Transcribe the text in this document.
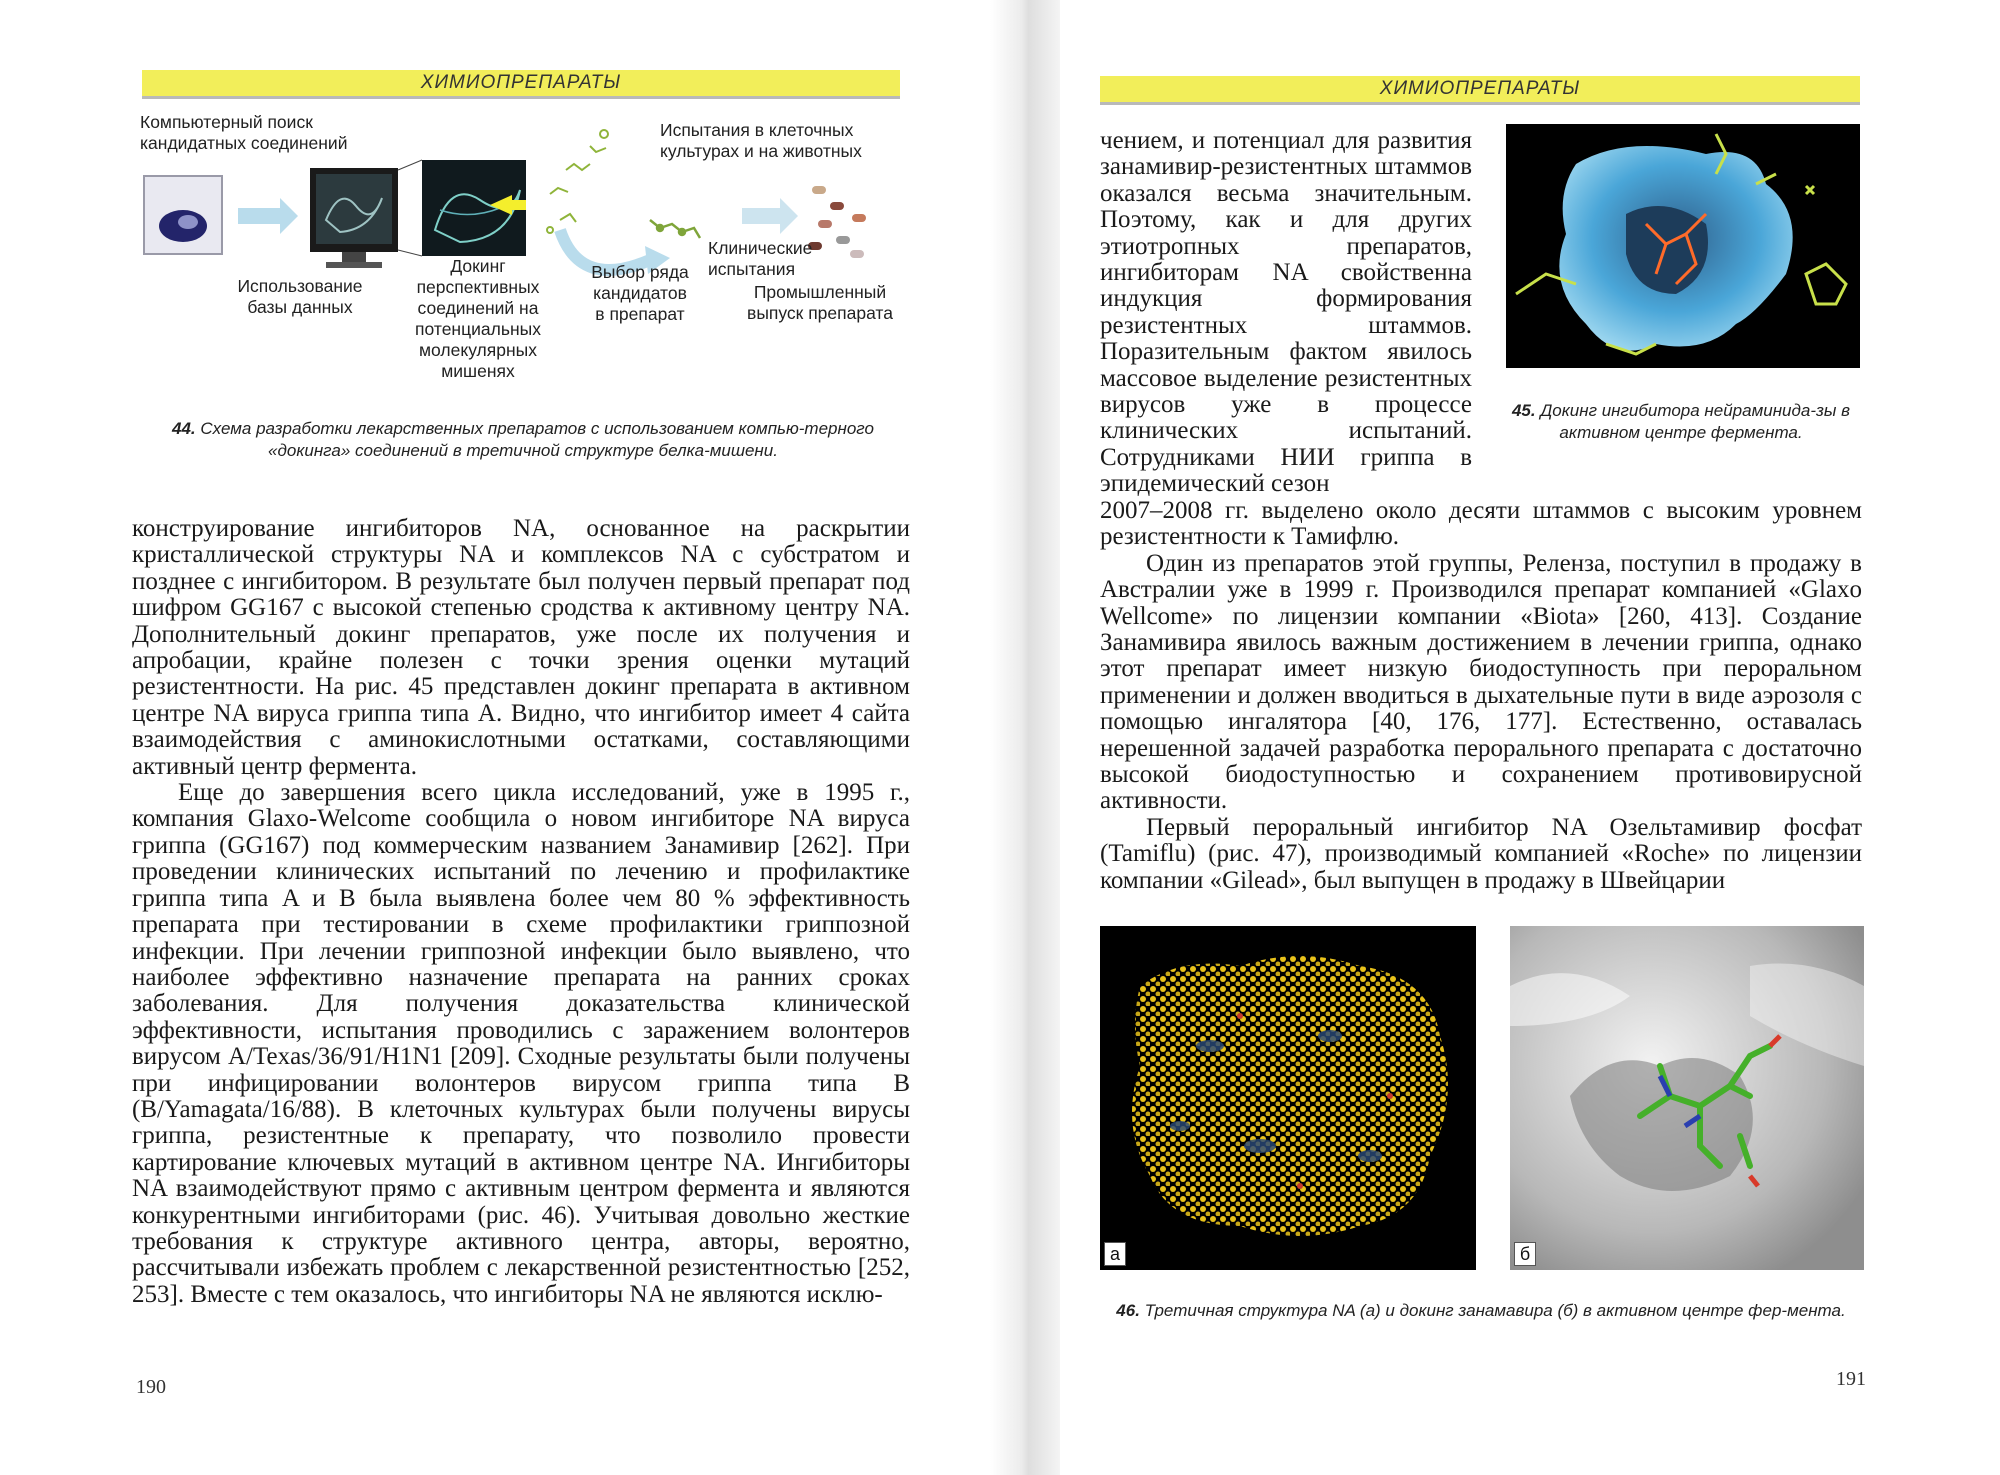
ХИМИОПРЕПАРАТЫ
Компьютерный поиск
кандидатных соединений
Испытания в клеточных
культурах и на животных
Использование
базы данных
Докинг
перспективных
соединений на
потенциальных
молекулярных
мишенях
Выбор ряда
кандидатов
в препарат
Клинические
испытания
Промышленный
выпуск препарата
44. Схема разработки лекарственных препаратов с использованием компью-терного «докинга» соединений в третичной структуре белка-мишени.

конструирование ингибиторов NA, основанное на раскрытии кристаллической структуры NA и комплексов NA с субстратом и позднее с ингибитором. В результате был получен первый препарат под шифром GG167 с высокой степенью сродства к активному центру NA. Дополнительный докинг препаратов, уже после их получения и апробации, крайне полезен с точки зрения оценки мутаций резистентности. На рис. 45 представлен докинг препарата в активном центре NA вируса гриппа типа A. Видно, что ингибитор имеет 4 сайта взаимодействия с аминокислотными остатками, составляющими активный центр фермента.

Еще до завершения всего цикла исследований, уже в 1995 г., компания Glaxo-Welcome сообщила о новом ингибиторе NA вируса гриппа (GG167) под коммерческим названием Занамивир [262]. При проведении клинических испытаний по лечению и профилактике гриппа типа A и B была выявлена более чем 80 % эффективность препарата при тестировании в схеме профилактики гриппозной инфекции. При лечении гриппозной инфекции было выявлено, что наиболее эффективно назначение препарата на ранних сроках заболевания. Для получения доказательства клинической эффективности, испытания проводились с заражением волонтеров вирусом A/Texas/36/91/H1N1 [209]. Сходные результаты были получены при инфицировании волонтеров вирусом гриппа типа B (B/Yamagata/16/88). В клеточных культурах были получены вирусы гриппа, резистентные к препарату, что позволило провести картирование ключевых мутаций в активном центре NA. Ингибиторы NA взаимодействуют прямо с активным центром фермента и являются конкурентными ингибиторами (рис. 46). Учитывая довольно жесткие требования к структуре активного центра, авторы, вероятно, рассчитывали избежать проблем с лекарственной резистентностью [252, 253]. Вместе с тем оказалось, что ингибиторы NA не являются исклю-

190
ХИМИОПРЕПАРАТЫ

чением, и потенциал для развития занамивир-резистентных штаммов оказался весьма значительным. Поэтому, как и для других этиотропных препаратов, ингибиторам NA свойственна индукция формирования резистентных штаммов. Поразительным фактом явилось массовое выделение резистентных вирусов уже в процессе клинических испытаний. Сотрудниками НИИ гриппа в эпидемический сезон

45. Докинг ингибитора нейраминида-зы в активном центре фермента.

2007–2008 гг. выделено около десяти штаммов с высоким уровнем резистентности к Тамифлю.

Один из препаратов этой группы, Реленза, поступил в продажу в Австралии уже в 1999 г. Производился препарат компанией «Glaxo Wellcome» по лицензии компании «Biota» [260, 413]. Создание Занамивира явилось важным достижением в лечении гриппа, однако этот препарат имеет низкую биодоступность при пероральном применении и должен вводиться в дыхательные пути в виде аэрозоля с помощью ингалятора [40, 176, 177]. Естественно, оставалась нерешенной задачей разработка перорального препарата с достаточно высокой биодоступностью и сохранением противовирусной активности.

Первый пероральный ингибитор NA Озельтамивир фосфат (Tamiflu) (рис. 47), производимый компанией «Roche» по лицензии компании «Gilead», был выпущен в продажу в Швейцарии

а	б
46. Третичная структура NA (а) и докинг занамавира (б) в активном центре фер-мента.
191
